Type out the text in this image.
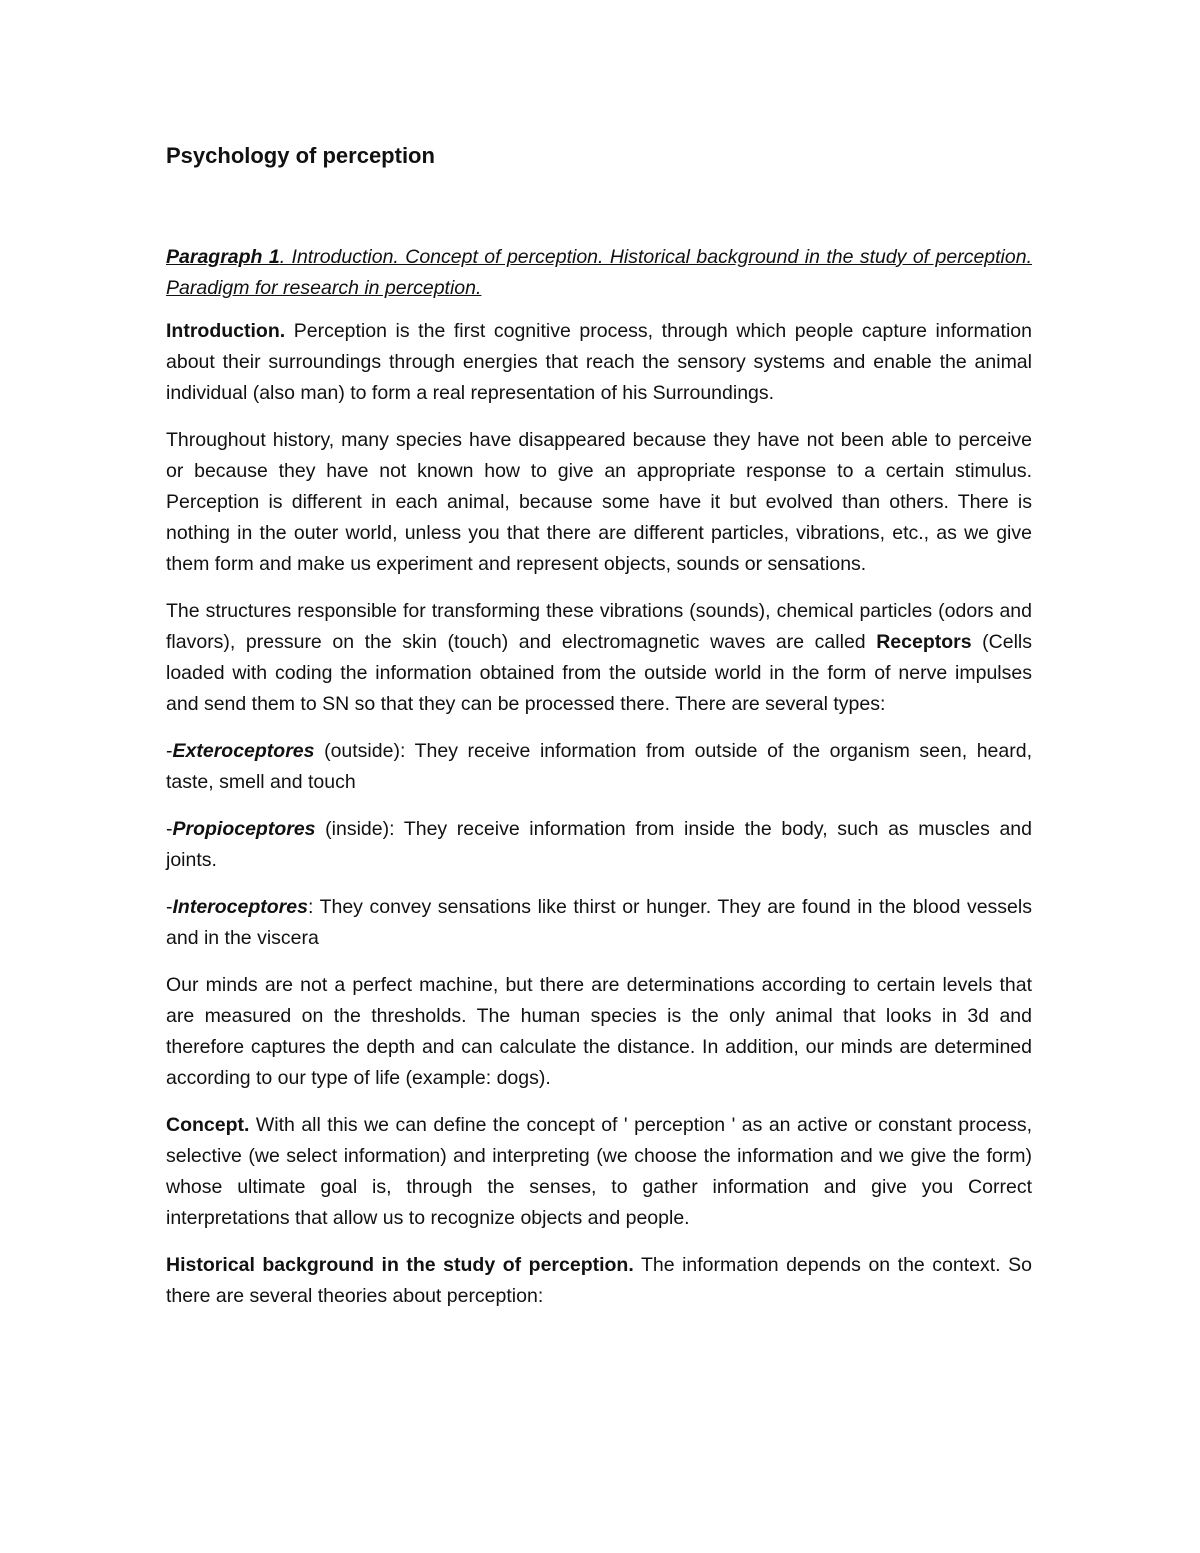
Psychology of perception
Paragraph 1. Introduction. Concept of perception. Historical background in the study of perception. Paradigm for research in perception.

Introduction. Perception is the first cognitive process, through which people capture information about their surroundings through energies that reach the sensory systems and enable the animal individual (also man) to form a real representation of his Surroundings.

Throughout history, many species have disappeared because they have not been able to perceive or because they have not known how to give an appropriate response to a certain stimulus. Perception is different in each animal, because some have it but evolved than others. There is nothing in the outer world, unless you that there are different particles, vibrations, etc., as we give them form and make us experiment and represent objects, sounds or sensations.

The structures responsible for transforming these vibrations (sounds), chemical particles (odors and flavors), pressure on the skin (touch) and electromagnetic waves are called Receptors (Cells loaded with coding the information obtained from the outside world in the form of nerve impulses and send them to SN so that they can be processed there. There are several types:

-Exteroceptores (outside): They receive information from outside of the organism seen, heard, taste, smell and touch

-Propioceptores (inside): They receive information from inside the body, such as muscles and joints.

-Interoceptores: They convey sensations like thirst or hunger. They are found in the blood vessels and in the viscera

Our minds are not a perfect machine, but there are determinations according to certain levels that are measured on the thresholds. The human species is the only animal that looks in 3d and therefore captures the depth and can calculate the distance. In addition, our minds are determined according to our type of life (example: dogs).

Concept. With all this we can define the concept of ' perception ' as an active or constant process, selective (we select information) and interpreting (we choose the information and we give the form) whose ultimate goal is, through the senses, to gather information and give you Correct interpretations that allow us to recognize objects and people.

Historical background in the study of perception. The information depends on the context. So there are several theories about perception:
